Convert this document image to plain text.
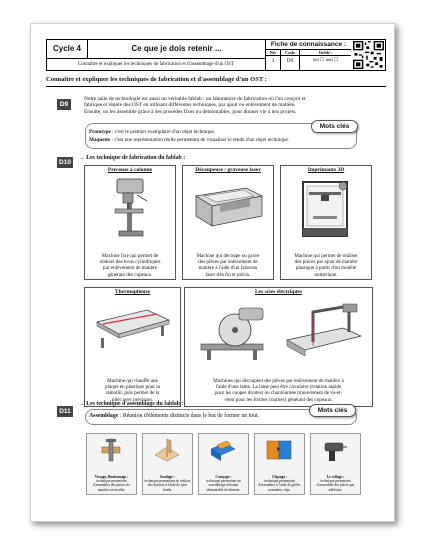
Cycle 4	Ce que je dois retenir ...
Connaître et expliquer les techniques de fabrication et d'assemblage d'un OST
Fiche de connaissance :
Niv
3
Code
D9
Validé :
oui ☐ non ☐
Connaître et expliquer les techniques de fabrication et d'assemblage d'un OST :
D9
Notre salle de technologie est aussi un véritable fablab : un laboratoire de fabrication où l'on conçoit et
fabrique et répare des OST en utilisant différentes techniques, par ajout ou enlèvement de matière.
Ensuite, on les assemble grâce à des procédés fixes ou démontables, pour donner vie à nos projets.
Mots clés
Prototype : c'est le premier exemplaire d'un objet technique.
Maquette : c'est une représentation réelle permettant de visualiser le rendu d'un objet technique.
D10
→ Les technique de fabrication du fablab :
Perceuse à colonne
Machine fixe qui permet de
réaliser des trous cylindriques
par enlèvement de matière
générant des copeaux.
Découpeuse / graveuse laser
Machine qui découpe ou grave
des pièces par enlèvement de
matière à l'aide d'un faisceau
laser très fin et précis.
Imprimante 3D
Machine qui permet de réaliser
des pièces par ajout de matière
plastique à partir d'un modèle
numérique.
Thermoplieuse
Machine qui chauffe une
plaque en plastique pour la
ramollir, puis permet de la
plier avec précision.
Les scies électriques
Machines qui découpent des pièces par enlèvement de matière à
l'aide d'une lame. La lame peut être circulaire (rotation rapide
pour les coupes droites) ou chantournée (mouvement de va-et-
vient pour les formes courbes) générant des copeaux.
D11
→ Les technique d'assemblage du fablab :
Mots clés
Assemblage : Réunion d'éléments distincts dans le but de former un tout.
Vissage, Boulonnage :
technique permettant d'assembler des pièces de manière réversible.
Soudage :
technique permettant de réaliser des liaisons à l'aide de joint fondu.
Coinçage :
technique permettant un assemblage résistant démontable facilement.
Clipsage :
technique permettant d'assembler à l'aide de griffes nommées clips.
Le collage :
technique permettant d'assembler des pièces par adhésion.
